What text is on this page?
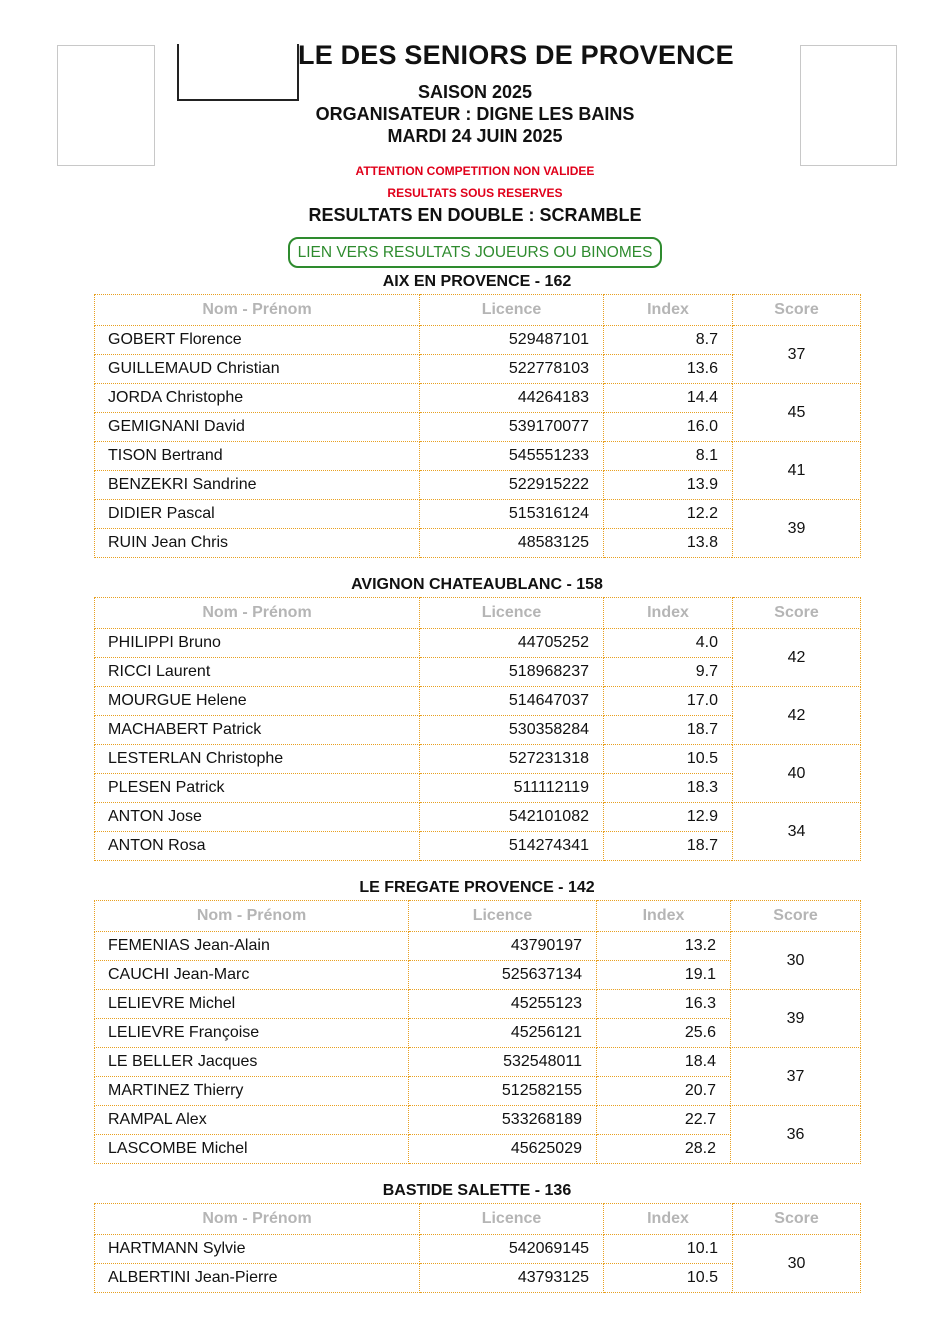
LE DES SENIORS DE PROVENCE
SAISON 2025
ORGANISATEUR : DIGNE LES BAINS
MARDI 24 JUIN 2025
ATTENTION COMPETITION NON VALIDEE
RESULTATS SOUS RESERVES
RESULTATS EN DOUBLE : SCRAMBLE
LIEN VERS RESULTATS JOUEURS OU BINOMES
AIX EN PROVENCE - 162
Nom - Prénom	Licence	Index	Score
GOBERT Florence	529487101	8.7	37
GUILLEMAUD Christian	522778103	13.6	
JORDA Christophe	44264183	14.4	45
GEMIGNANI David	539170077	16.0	
TISON Bertrand	545551233	8.1	41
BENZEKRI Sandrine	522915222	13.9	
DIDIER Pascal	515316124	12.2	39
RUIN Jean Chris	48583125	13.8	
AVIGNON CHATEAUBLANC - 158
Nom - Prénom	Licence	Index	Score
PHILIPPI Bruno	44705252	4.0	42
RICCI Laurent	518968237	9.7	
MOURGUE Helene	514647037	17.0	42
MACHABERT Patrick	530358284	18.7	
LESTERLAN Christophe	527231318	10.5	40
PLESEN Patrick	511112119	18.3	
ANTON Jose	542101082	12.9	34
ANTON Rosa	514274341	18.7	
LE FREGATE PROVENCE - 142
Nom - Prénom	Licence	Index	Score
FEMENIAS Jean-Alain	43790197	13.2	30
CAUCHI Jean-Marc	525637134	19.1	
LELIEVRE Michel	45255123	16.3	39
LELIEVRE Françoise	45256121	25.6	
LE BELLER Jacques	532548011	18.4	37
MARTINEZ Thierry	512582155	20.7	
RAMPAL Alex	533268189	22.7	36
LASCOMBE Michel	45625029	28.2	
BASTIDE SALETTE - 136
Nom - Prénom	Licence	Index	Score
HARTMANN Sylvie	542069145	10.1	30
ALBERTINI Jean-Pierre	43793125	10.5	
